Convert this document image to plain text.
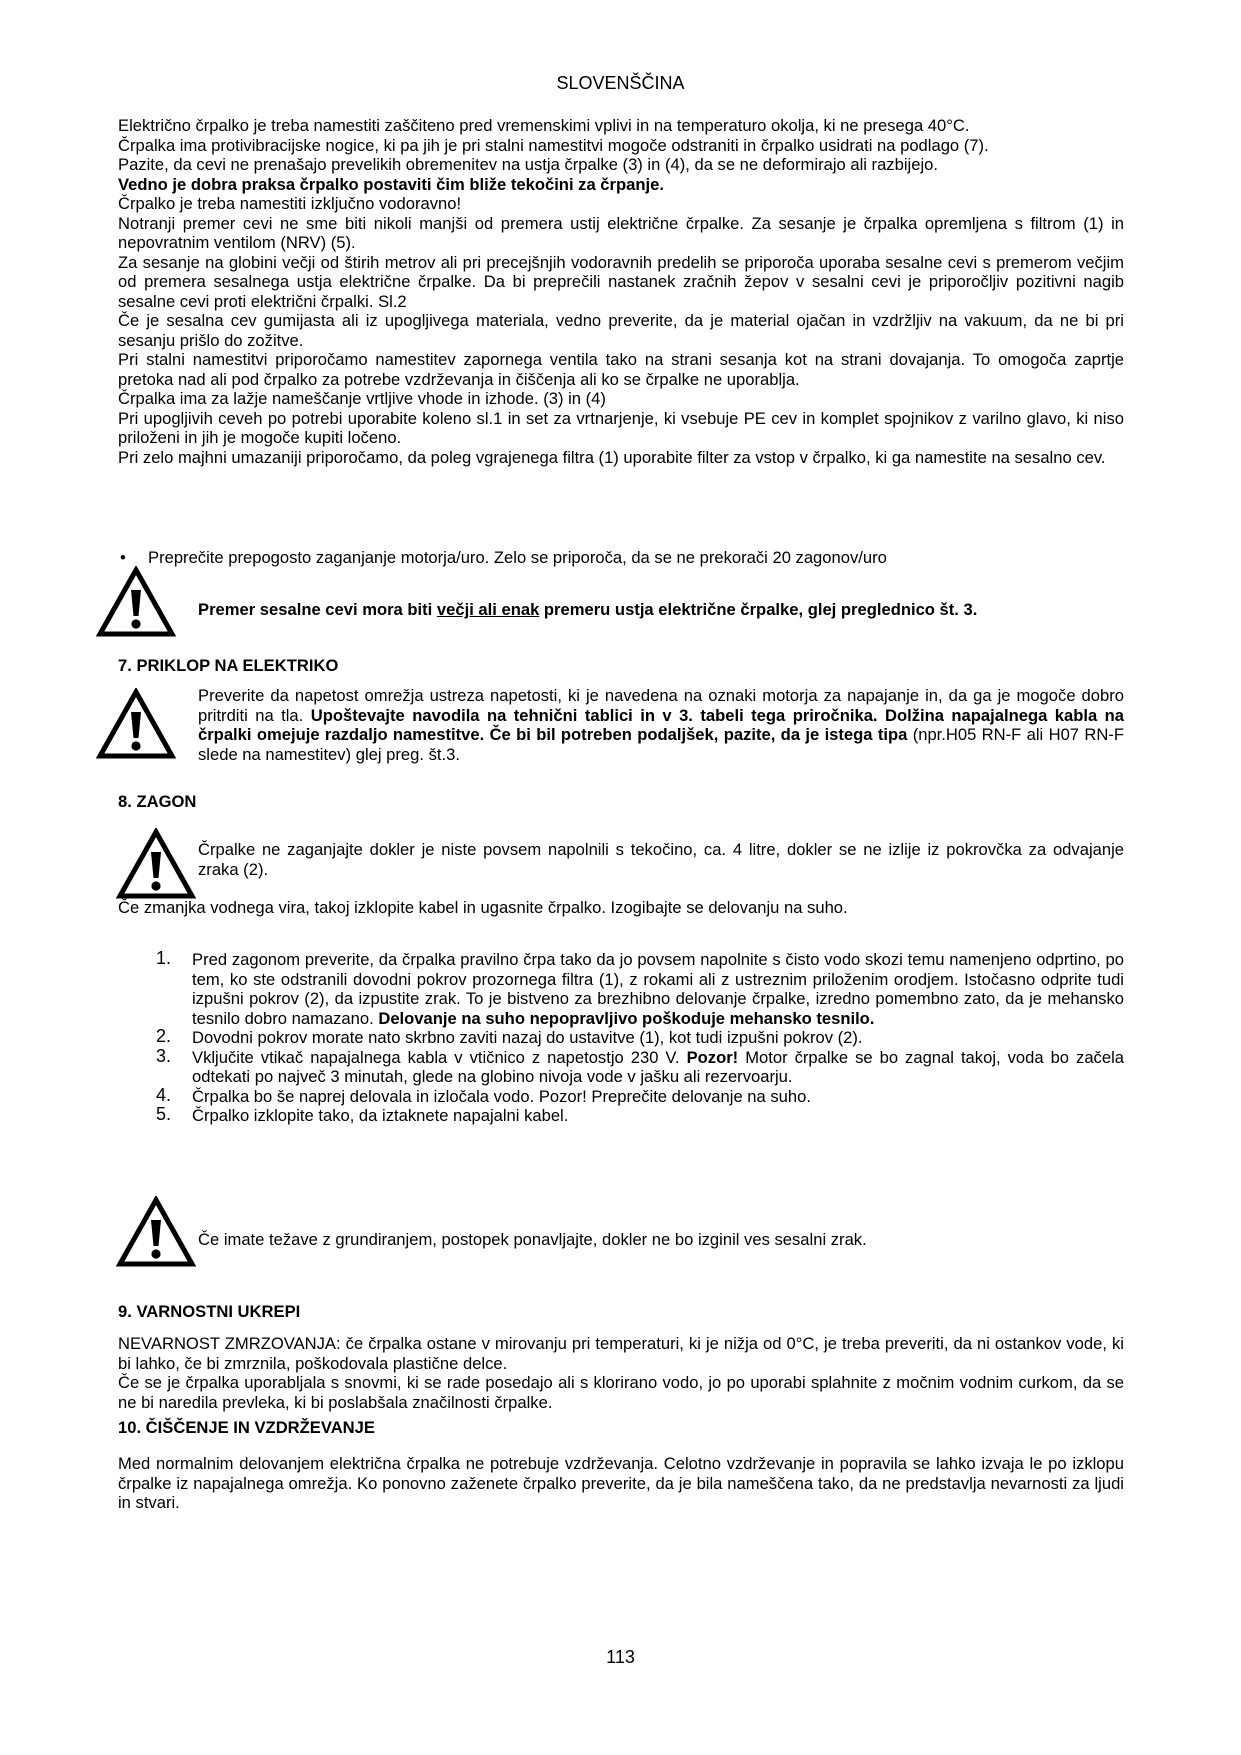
SLOVENŠČINA

Električno črpalko je treba namestiti zaščiteno pred vremenskimi vplivi in na temperaturo okolja, ki ne presega 40°C.

Črpalka ima protivibracijske nogice, ki pa jih je pri stalni namestitvi mogoče odstraniti in črpalko usidrati na podlago (7).

Pazite, da cevi ne prenašajo prevelikih obremenitev na ustja črpalke (3) in (4), da se ne deformirajo ali razbijejo.

Vedno je dobra praksa črpalko postaviti čim bliže tekočini za črpanje.

Črpalko je treba namestiti izključno vodoravno!

Notranji premer cevi ne sme biti nikoli manjši od premera ustij električne črpalke. Za sesanje je črpalka opremljena s filtrom (1) in nepovratnim ventilom (NRV) (5).

Za sesanje na globini večji od štirih metrov ali pri precejšnjih vodoravnih predelih se priporoča uporaba sesalne cevi s premerom večjim od premera sesalnega ustja električne črpalke. Da bi preprečili nastanek zračnih žepov v sesalni cevi je priporočljiv pozitivni nagib sesalne cevi proti električni črpalki. Sl.2

Če je sesalna cev gumijasta ali iz upogljivega materiala, vedno preverite, da je material ojačan in vzdržljiv na vakuum, da ne bi pri sesanju prišlo do zožitve.

Pri stalni namestitvi priporočamo namestitev zapornega ventila tako na strani sesanja kot na strani dovajanja. To omogoča zaprtje pretoka nad ali pod črpalko za potrebe vzdrževanja in čiščenja ali ko se črpalke ne uporablja.

Črpalka ima za lažje nameščanje vrtljive vhode in izhode. (3) in (4)

Pri upogljivih ceveh po potrebi uporabite koleno sl.1 in set za vrtnarjenje, ki vsebuje PE cev in komplet spojnikov z varilno glavo, ki niso priloženi in jih je mogoče kupiti ločeno.

Pri zelo majhni umazaniji priporočamo, da poleg vgrajenega filtra (1) uporabite filter za vstop v črpalko, ki ga namestite na sesalno cev.

• Preprečite prepogosto zaganjanje motorja/uro. Zelo se priporoča, da se ne prekorači 20 zagonov/uro
Premer sesalne cevi mora biti večji ali enak premeru ustja električne črpalke, glej preglednico št. 3.
7. PRIKLOP NA ELEKTRIKO
Preverite da napetost omrežja ustreza napetosti, ki je navedena na oznaki motorja za napajanje in, da ga je mogoče dobro pritrditi na tla. Upoštevajte navodila na tehnični tablici in v 3. tabeli tega priročnika. Dolžina napajalnega kabla na črpalki omejuje razdaljo namestitve. Če bi bil potreben podaljšek, pazite, da je istega tipa (npr.H05 RN-F ali H07 RN-F slede na namestitev) glej preg. št.3.
8. ZAGON
Črpalke ne zaganjajte dokler je niste povsem napolnili s tekočino, ca. 4 litre, dokler se ne izlije iz pokrovčka za odvajanje zraka (2).
Če zmanjka vodnega vira, takoj izklopite kabel in ugasnite črpalko. Izogibajte se delovanju na suho.
1. Pred zagonom preverite, da črpalka pravilno črpa tako da jo povsem napolnite s čisto vodo skozi temu namenjeno odprtino, po tem, ko ste odstranili dovodni pokrov prozornega filtra (1), z rokami ali z ustreznim priloženim orodjem. Istočasno odprite tudi izpušni pokrov (2), da izpustite zrak. To je bistveno za brezhibno delovanje črpalke, izredno pomembno zato, da je mehansko tesnilo dobro namazano. Delovanje na suho nepopravljivo poškoduje mehansko tesnilo.
2. Dovodni pokrov morate nato skrbno zaviti nazaj do ustavitve (1), kot tudi izpušni pokrov (2).
3. Vključite vtikač napajalnega kabla v vtičnico z napetostjo 230 V. Pozor! Motor črpalke se bo zagnal takoj, voda bo začela odtekati po največ 3 minutah, glede na globino nivoja vode v jašku ali rezervoarju.
4. Črpalka bo še naprej delovala in izločala vodo. Pozor! Preprečite delovanje na suho.
5. Črpalko izklopite tako, da iztaknete napajalni kabel.
Če imate težave z grundiranjem, postopek ponavljajte, dokler ne bo izginil ves sesalni zrak.
9. VARNOSTNI UKREPI

NEVARNOST ZMRZOVANJA: če črpalka ostane v mirovanju pri temperaturi, ki je nižja od 0°C, je treba preveriti, da ni ostankov vode, ki bi lahko, če bi zmrznila, poškodovala plastične delce.

Če se je črpalka uporabljala s snovmi, ki se rade posedajo ali s klorirano vodo, jo po uporabi splahnite z močnim vodnim curkom, da se ne bi naredila prevleka, ki bi poslabšala značilnosti črpalke.

10. ČIŠČENJE IN VZDRŽEVANJE
Med normalnim delovanjem električna črpalka ne potrebuje vzdrževanja. Celotno vzdrževanje in popravila se lahko izvaja le po izklopu črpalke iz napajalnega omrežja. Ko ponovno zaženete črpalko preverite, da je bila nameščena tako, da ne predstavlja nevarnosti za ljudi in stvari.
113
